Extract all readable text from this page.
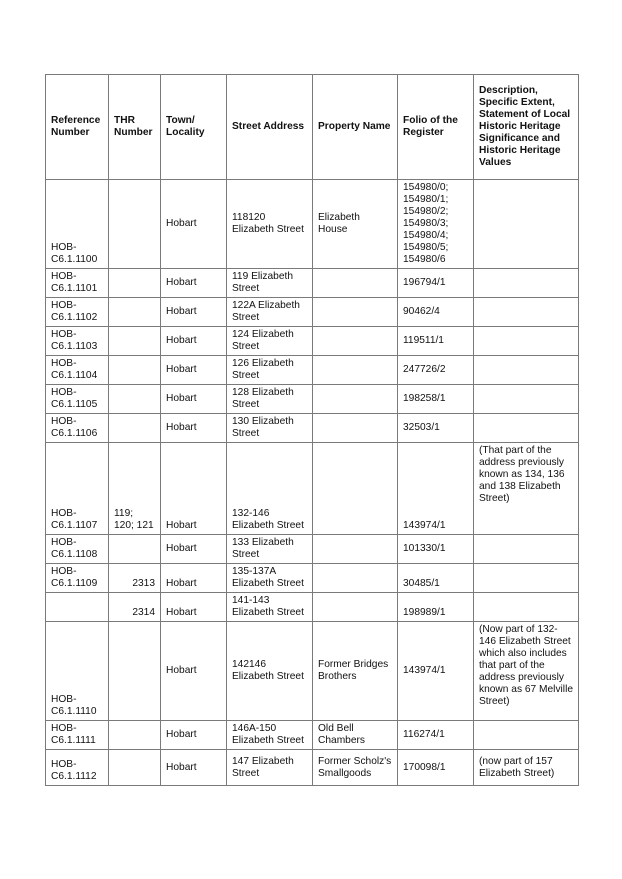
Reference Number	THR Number	Town/ Locality	Street Address	Property Name	Folio of the Register	Description, Specific Extent, Statement of Local Historic Heritage Significance and Historic Heritage Values
HOB-C6.1.1100		Hobart	118120 Elizabeth Street	Elizabeth House	154980/0; 154980/1; 154980/2; 154980/3; 154980/4; 154980/5; 154980/6	
HOB-C6.1.1101		Hobart	119 Elizabeth Street		196794/1	
HOB-C6.1.1102		Hobart	122A Elizabeth Street		90462/4	
HOB-C6.1.1103		Hobart	124 Elizabeth Street		119511/1	
HOB-C6.1.1104		Hobart	126 Elizabeth Street		247726/2	
HOB-C6.1.1105		Hobart	128 Elizabeth Street		198258/1	
HOB-C6.1.1106		Hobart	130 Elizabeth Street		32503/1	
HOB-C6.1.1107	119; 120; 121	Hobart	132-146 Elizabeth Street		143974/1	(That part of the address previously known as 134, 136 and 138 Elizabeth Street)
HOB-C6.1.1108		Hobart	133 Elizabeth Street		101330/1	
HOB-C6.1.1109	2313	Hobart	135-137A Elizabeth Street		30485/1	
	2314	Hobart	141-143 Elizabeth Street		198989/1	
HOB-C6.1.1110		Hobart	142146 Elizabeth Street	Former Bridges Brothers	143974/1	(Now part of 132-146 Elizabeth Street which also includes that part of the address previously known as 67 Melville Street)
HOB-C6.1.1111		Hobart	146A-150 Elizabeth Street	Old Bell Chambers	116274/1	
HOB-C6.1.1112		Hobart	147 Elizabeth Street	Former Scholz's Smallgoods	170098/1	(now part of 157 Elizabeth Street)
